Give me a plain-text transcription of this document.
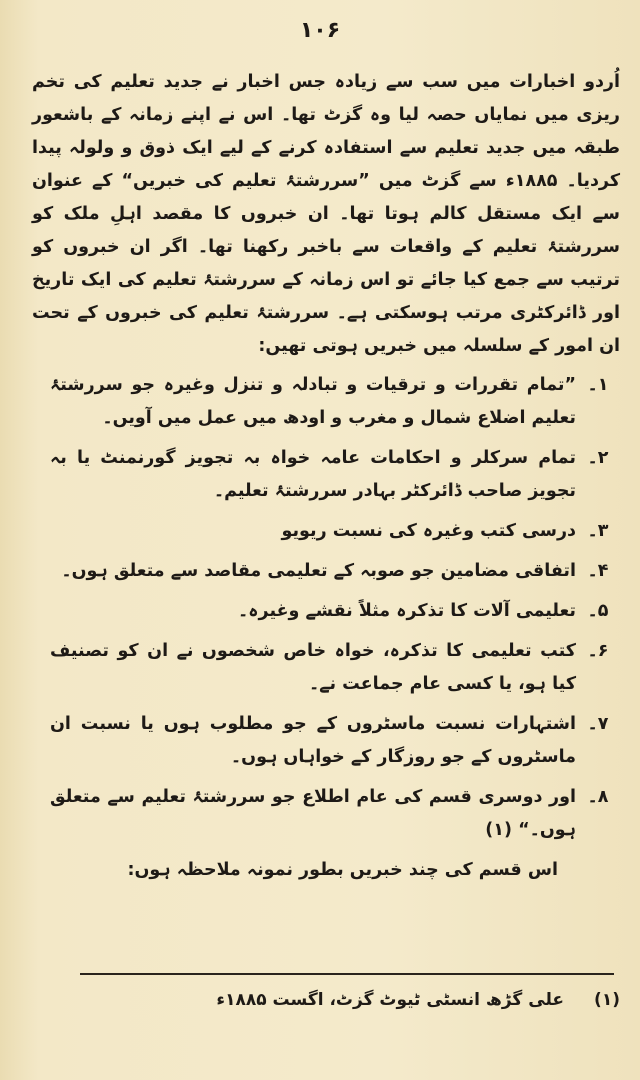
۱۰۶

اُردو اخبارات میں سب سے زیادہ جس اخبار نے جدید تعلیم کی تخم ریزی میں نمایاں حصہ لیا وہ گزٹ تھا۔ اس نے اپنے زمانہ کے باشعور طبقہ میں جدید تعلیم سے استفادہ کرنے کے لیے ایک ذوق و ولولہ پیدا کردیا۔ ۱۸۸۵ء سے گزٹ میں ”سررشتۂ تعلیم کی خبریں“ کے عنوان سے ایک مستقل کالم ہوتا تھا۔ ان خبروں کا مقصد اہلِ ملک کو سررشتۂ تعلیم کے واقعات سے باخبر رکھنا تھا۔ اگر ان خبروں کو ترتیب سے جمع کیا جائے تو اس زمانہ کے سررشتۂ تعلیم کی ایک تاریخ اور ڈائرکٹری مرتب ہوسکتی ہے۔ سررشتۂ تعلیم کی خبروں کے تحت ان امور کے سلسلہ میں خبریں ہوتی تھیں:

۱۔
”تمام تقررات و ترقیات و تبادلہ و تنزل وغیرہ جو سررشتۂ تعلیم اضلاع شمال و مغرب و اودھ میں عمل میں آویں۔
۲۔
تمام سرکلر و احکامات عامہ خواہ بہ تجویز گورنمنٹ یا بہ تجویز صاحب ڈائرکٹر بہادر سررشتۂ تعلیم۔
۳۔
درسی کتب وغیرہ کی نسبت ریویو
۴۔
اتفاقی مضامین جو صوبہ کے تعلیمی مقاصد سے متعلق ہوں۔
۵۔
تعلیمی آلات کا تذکرہ مثلاً نقشے وغیرہ۔
۶۔
کتب تعلیمی کا تذکرہ، خواہ خاص شخصوں نے ان کو تصنیف کیا ہو، یا کسی عام جماعت نے۔
۷۔
اشتہارات نسبت ماسٹروں کے جو مطلوب ہوں یا نسبت ان ماسٹروں کے جو روزگار کے خواہاں ہوں۔
۸۔
اور دوسری قسم کی عام اطلاع جو سررشتۂ تعلیم سے متعلق ہوں۔“ (۱)

اس قسم کی چند خبریں بطور نمونہ ملاحظہ ہوں:

(۱)
علی گڑھ انسٹی ٹیوٹ گزٹ، اگست ۱۸۸۵ء
